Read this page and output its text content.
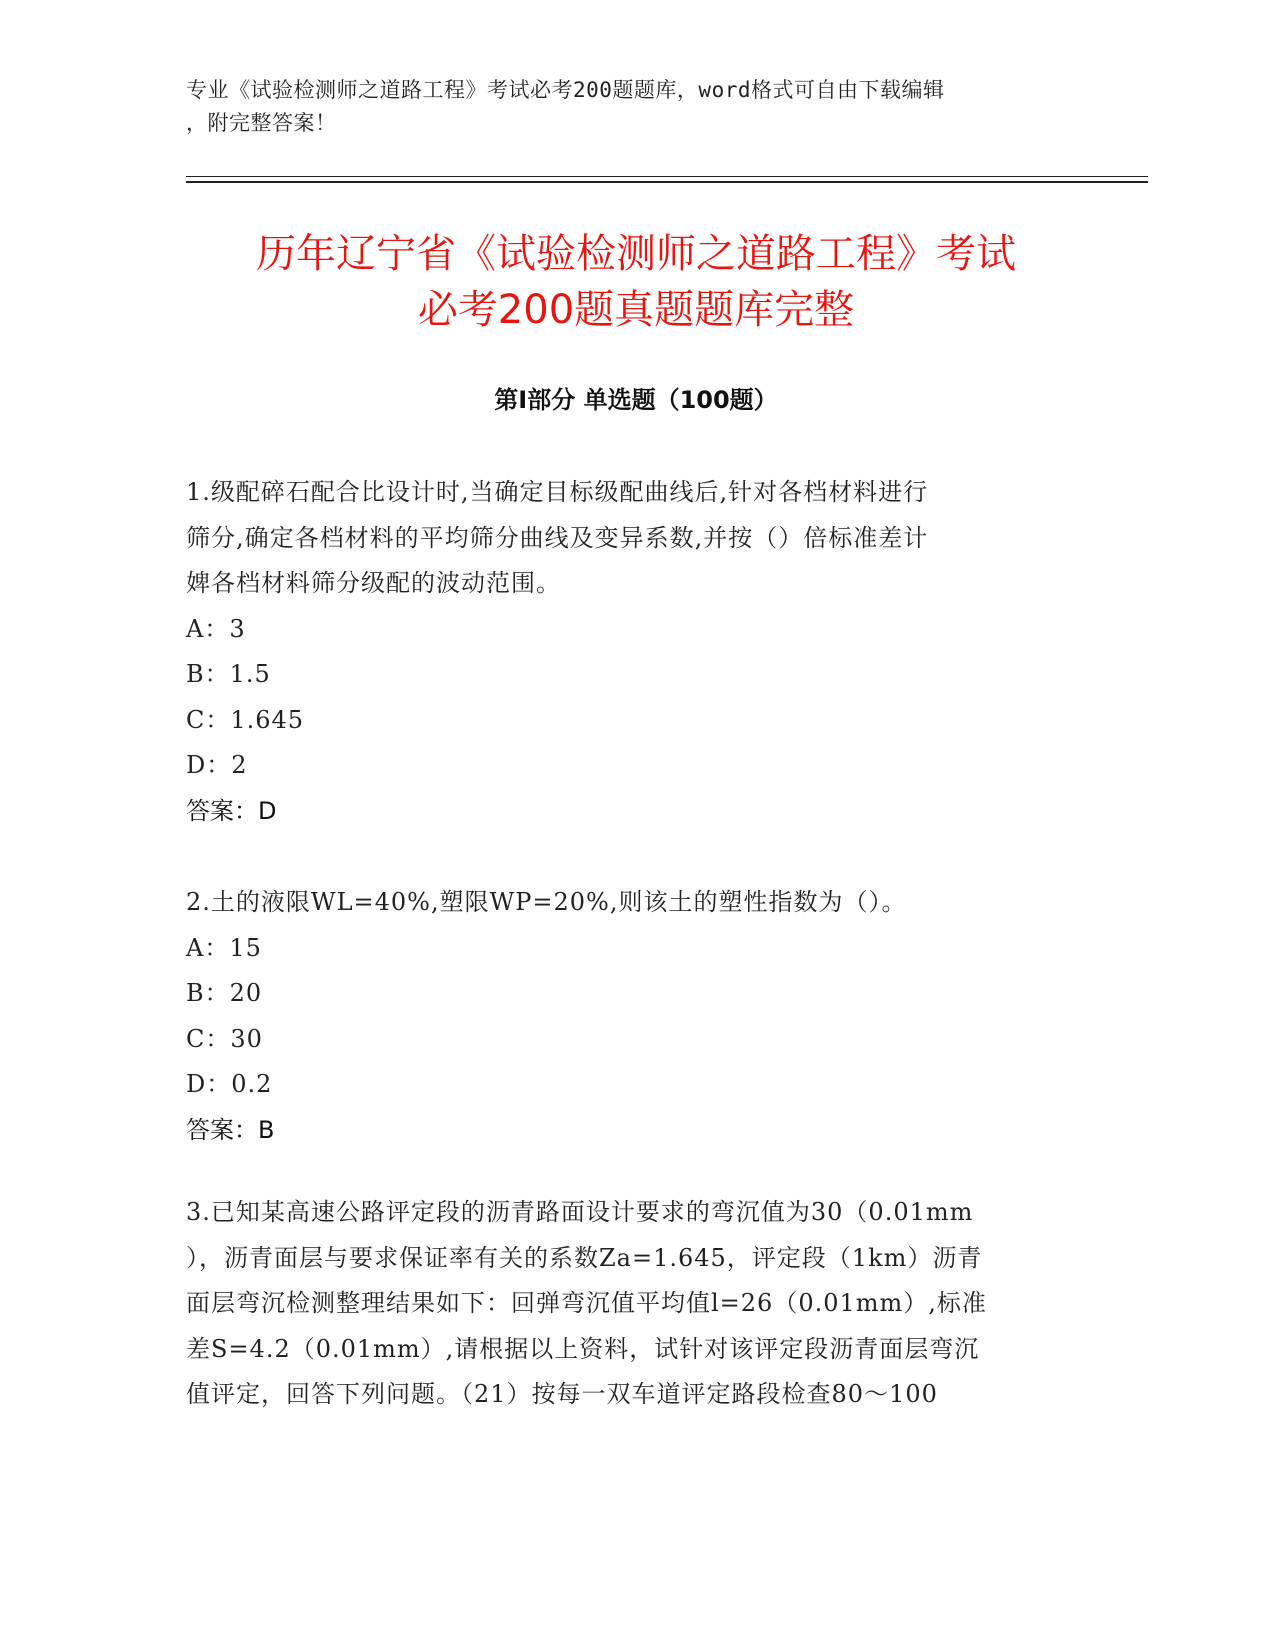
专业《试验检测师之道路工程》考试必考200题题库，word格式可自由下载编辑
，附完整答案！
历年辽宁省《试验检测师之道路工程》考试
必考200题真题题库完整
第I部分 单选题（100题）

1.级配碎石配合比设计时,当确定目标级配曲线后,针对各档材料进行

筛分,确定各档材料的平均筛分曲线及变异系数,并按（）倍标准差计

婢各档材料筛分级配的波动范围。

A：3

B：1.5

C：1.645

D：2

答案：D

2.土的液限WL=40%,塑限WP=20%,则该土的塑性指数为（）。

A：15

B：20

C：30

D：0.2

答案：B

3.已知某高速公路评定段的沥青路面设计要求的弯沉值为30（0.01mm

），沥青面层与要求保证率有关的系数Za=1.645，评定段（1km）沥青

面层弯沉检测整理结果如下：回弹弯沉值平均值l=26（0.01mm）,标准

差S=4.2（0.01mm）,请根据以上资料，试针对该评定段沥青面层弯沉

值评定，回答下列问题。（21）按每一双车道评定路段检查80～100
